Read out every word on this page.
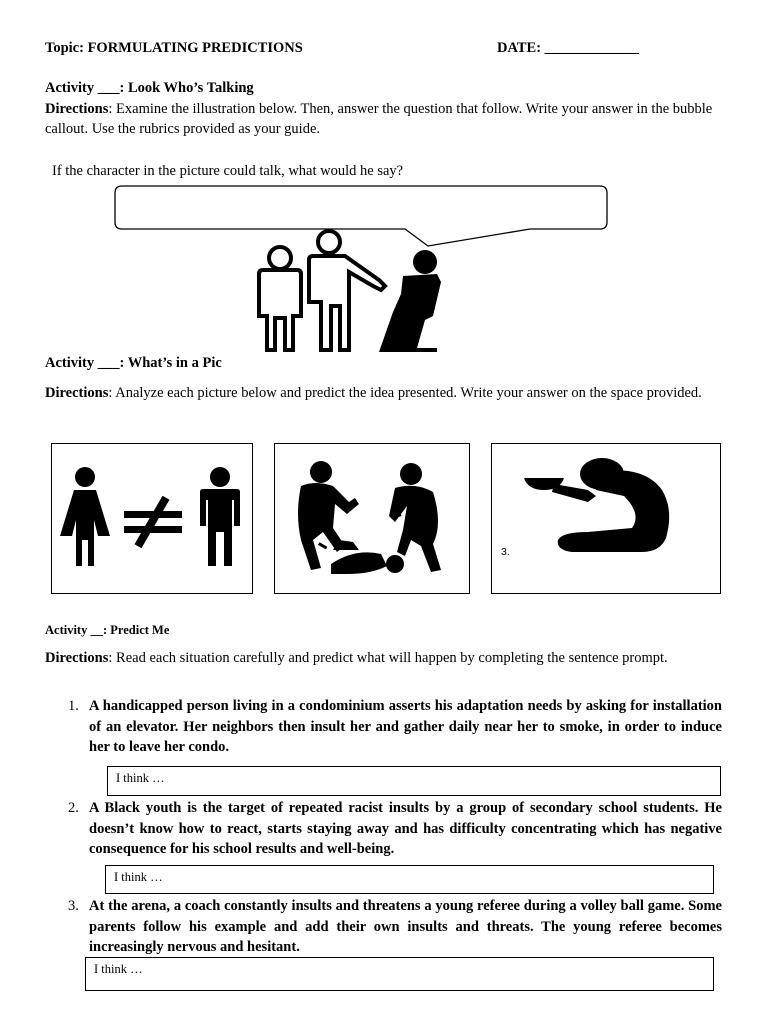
Topic: FORMULATING PREDICTIONS	DATE: _____________
Activity ___: Look Who’s Talking
Directions: Examine the illustration below. Then, answer the question that follow. Write your answer in the bubble callout. Use the rubrics provided as your guide.
If the character in the picture could talk, what would he say?
Activity ___: What’s in a Pic
Directions: Analyze each picture below and predict the idea presented. Write your answer on the space provided.
3.
Activity __: Predict Me
Directions: Read each situation carefully and predict what will happen by completing the sentence prompt.
1. A handicapped person living in a condominium asserts his adaptation needs by asking for installation of an elevator. Her neighbors then insult her and gather daily near her to smoke, in order to induce her to leave her condo.
I think …
2. A Black youth is the target of repeated racist insults by a group of secondary school students. He doesn’t know how to react, starts staying away and has difficulty concentrating which has negative consequence for his school results and well-being.
I think …
3. At the arena, a coach constantly insults and threatens a young referee during a volley ball game. Some parents follow his example and add their own insults and threats. The young referee becomes increasingly nervous and hesitant.
I think …
